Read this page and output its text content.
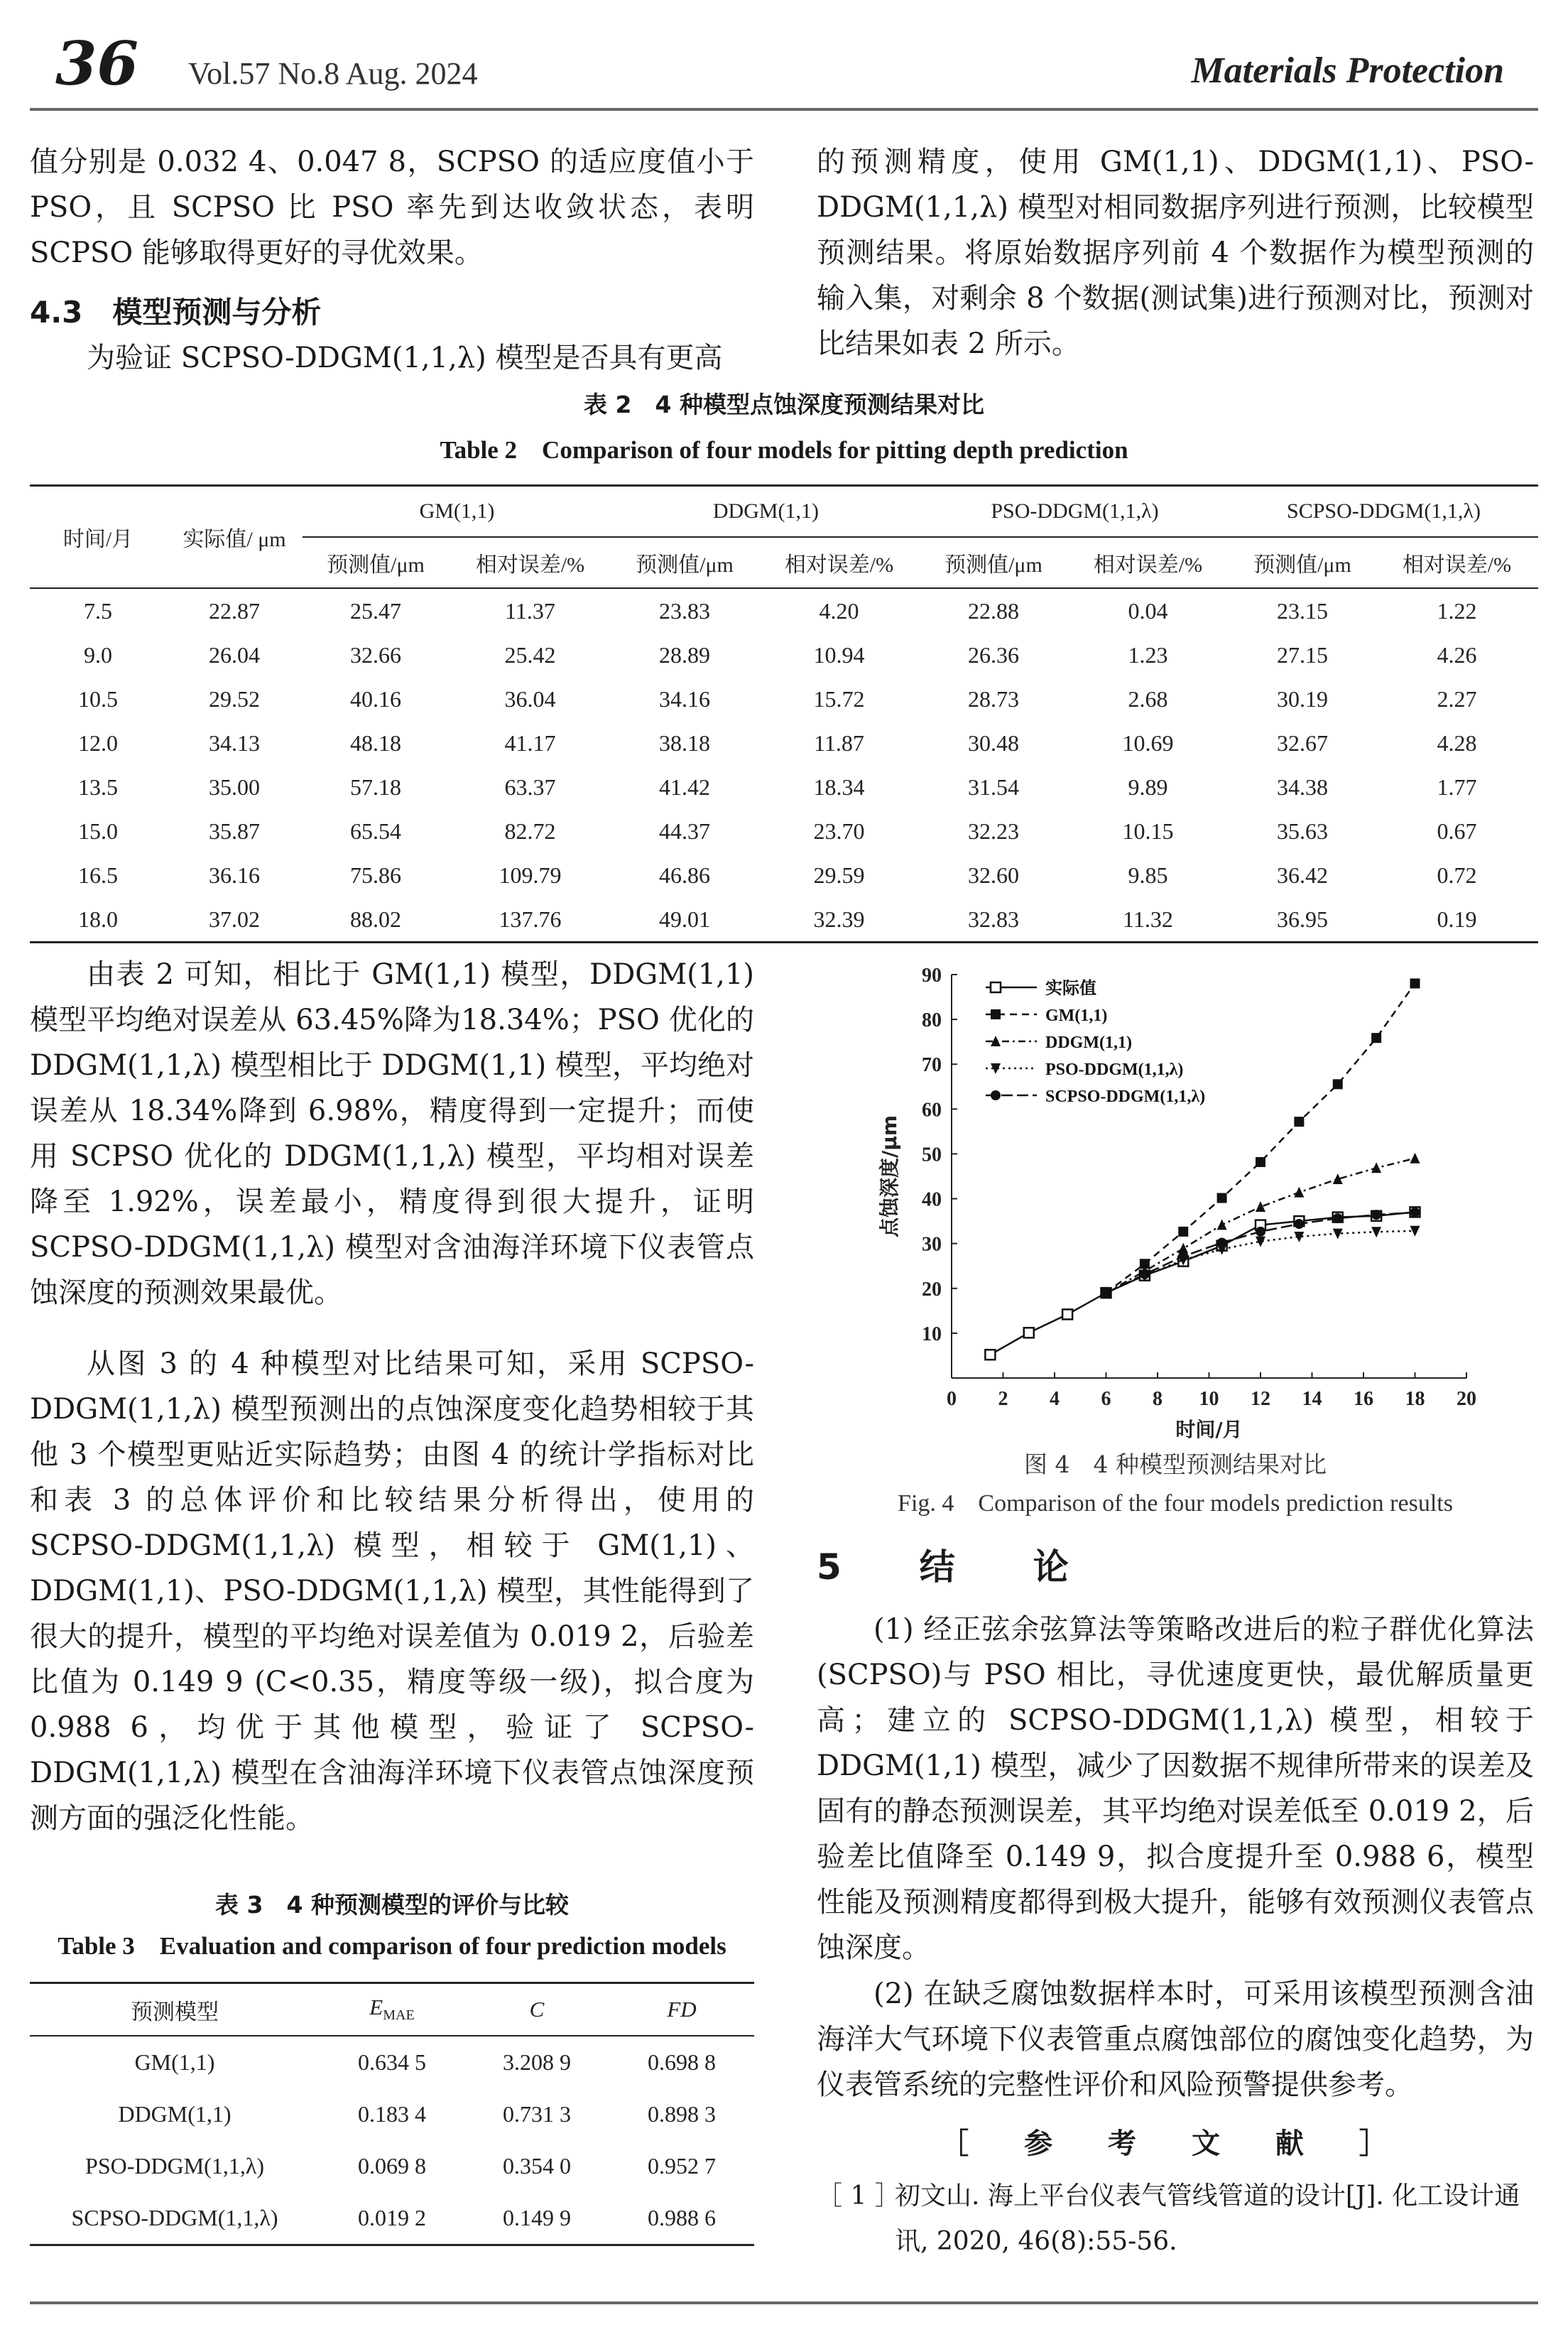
36 Vol.57 No.8 Aug. 2024	Materials Protection
值分别是 0.032 4、0.047 8，SCPSO 的适应度值小于 PSO，且 SCPSO 比 PSO 率先到达收敛状态，表明 SCPSO 能够取得更好的寻优效果。
4.3　模型预测与分析
为验证 SCPSO-DDGM(1,1,λ) 模型是否具有更高
的预测精度，使用 GM(1,1)、DDGM(1,1)、PSO-DDGM(1,1,λ) 模型对相同数据序列进行预测，比较模型预测结果。将原始数据序列前 4 个数据作为模型预测的输入集，对剩余 8 个数据(测试集)进行预测对比，预测对比结果如表 2 所示。
表 2　4 种模型点蚀深度预测结果对比
Table 2　Comparison of four models for pitting depth prediction
时间/月	实际值/ μm	GM(1,1)		DDGM(1,1)		PSO-DDGM(1,1,λ)		SCPSO-DDGM(1,1,λ)	
		预测值/μm	相对误差/%	预测值/μm	相对误差/%	预测值/μm	相对误差/%	预测值/μm	相对误差/%
7.5	22.87	25.47	11.37	23.83	4.20	22.88	0.04	23.15	1.22
9.0	26.04	32.66	25.42	28.89	10.94	26.36	1.23	27.15	4.26
10.5	29.52	40.16	36.04	34.16	15.72	28.73	2.68	30.19	2.27
12.0	34.13	48.18	41.17	38.18	11.87	30.48	10.69	32.67	4.28
13.5	35.00	57.18	63.37	41.42	18.34	31.54	9.89	34.38	1.77
15.0	35.87	65.54	82.72	44.37	23.70	32.23	10.15	35.63	0.67
16.5	36.16	75.86	109.79	46.86	29.59	32.60	9.85	36.42	0.72
18.0	37.02	88.02	137.76	49.01	32.39	32.83	11.32	36.95	0.19
由表 2 可知，相比于 GM(1,1) 模型，DDGM(1,1) 模型平均绝对误差从 63.45%降为18.34%；PSO 优化的 DDGM(1,1,λ) 模型相比于 DDGM(1,1) 模型，平均绝对误差从 18.34%降到 6.98%，精度得到一定提升；而使用 SCPSO 优化的 DDGM(1,1,λ) 模型，平均相对误差降至 1.92%，误差最小，精度得到很大提升，证明 SCPSO-DDGM(1,1,λ) 模型对含油海洋环境下仪表管点蚀深度的预测效果最优。
从图 3 的 4 种模型对比结果可知，采用 SCPSO-DDGM(1,1,λ) 模型预测出的点蚀深度变化趋势相较于其他 3 个模型更贴近实际趋势；由图 4 的统计学指标对比和表 3 的总体评价和比较结果分析得出，使用的 SCPSO-DDGM(1,1,λ) 模型，相较于 GM(1,1)、DDGM(1,1)、PSO-DDGM(1,1,λ) 模型，其性能得到了很大的提升，模型的平均绝对误差值为 0.019 2，后验差比值为 0.149 9 (C<0.35，精度等级一级)，拟合度为 0.988 6，均优于其他模型，验证了 SCPSO-DDGM(1,1,λ) 模型在含油海洋环境下仪表管点蚀深度预测方面的强泛化性能。
表 3　4 种预测模型的评价与比较
Table 3　Evaluation and comparison of four prediction models
预测模型	$E_{MAE}$	C	FD
GM(1,1)	0.634 5	3.208 9	0.698 8
DDGM(1,1)	0.183 4	0.731 3	0.898 3
PSO-DDGM(1,1,λ)	0.069 8	0.354 0	0.952 7
SCPSO-DDGM(1,1,λ)	0.019 2	0.149 9	0.988 6
0 2 4 6 8 10 12 14 16 18 20
10
20
30
40
50
60
70
80
90
时间/月
点蚀深度/μm
实际值
GM(1,1)
DDGM(1,1)
PSO-DDGM(1,1,λ)
SCPSO-DDGM(1,1,λ)
图 4　4 种模型预测结果对比
Fig. 4　Comparison of the four models prediction results
5　结　论
(1) 经正弦余弦算法等策略改进后的粒子群优化算法(SCPSO)与 PSO 相比，寻优速度更快，最优解质量更高；建立的 SCPSO-DDGM(1,1,λ) 模型，相较于 DDGM(1,1) 模型，减少了因数据不规律所带来的误差及固有的静态预测误差，其平均绝对误差低至 0.019 2，后验差比值降至 0.149 9，拟合度提升至 0.988 6，模型性能及预测精度都得到极大提升，能够有效预测仪表管点蚀深度。
(2) 在缺乏腐蚀数据样本时，可采用该模型预测含油海洋大气环境下仪表管重点腐蚀部位的腐蚀变化趋势，为仪表管系统的完整性评价和风险预警提供参考。
［ 参 考 文 献 ］
［ 1 ］
初文山. 海上平台仪表气管线管道的设计[J]. 化工设计通讯, 2020, 46(8):55-56.
